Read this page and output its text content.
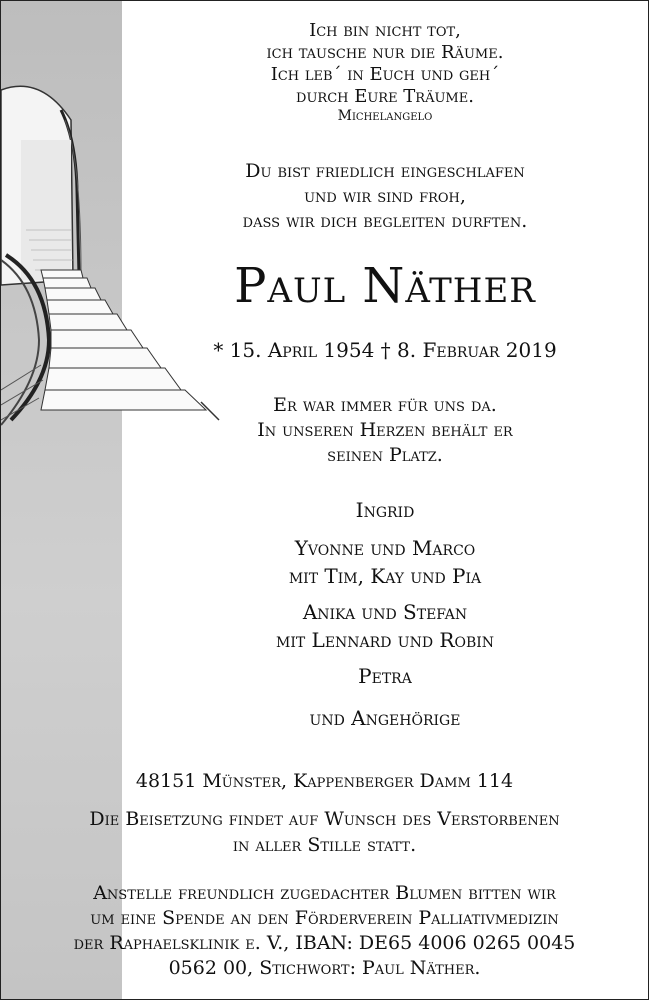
Ich bin nicht tot,
ich tausche nur die Räume.
Ich leb´ in Euch und geh´
durch Eure Träume.
Michelangelo
Du bist friedlich eingeschlafen
und wir sind froh,
dass wir dich begleiten durften.
Paul Näther
* 15. April 1954 † 8. Februar 2019
Er war immer für uns da.
In unseren Herzen behält er
seinen Platz.
Ingrid
Yvonne und Marco
mit Tim, Kay und Pia
Anika und Stefan
mit Lennard und Robin
Petra
und Angehörige
48151 Münster, Kappenberger Damm 114
Die Beisetzung findet auf Wunsch des Verstorbenen
in aller Stille statt.
Anstelle freundlich zugedachter Blumen bitten wir
um eine Spende an den Förderverein Palliativmedizin
der Raphaelsklinik e. V., IBAN: DE65 4006 0265 0045
0562 00, Stichwort: Paul Näther.
